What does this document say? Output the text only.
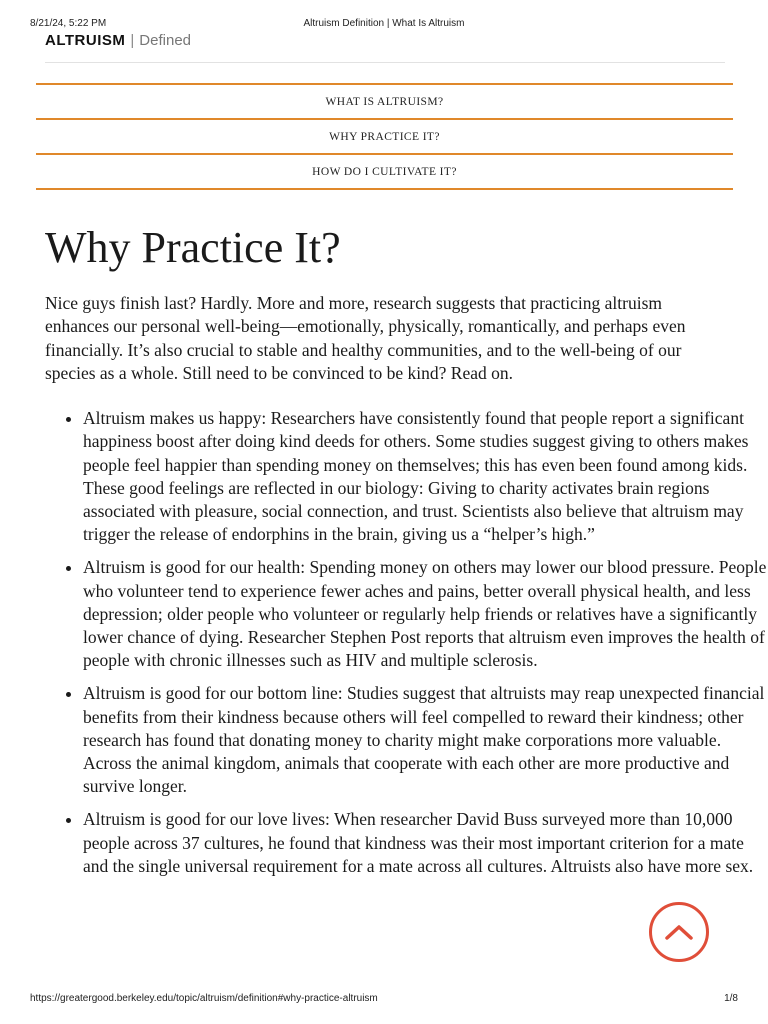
8/21/24, 5:22 PM	Altruism Definition | What Is Altruism
ALTRUISM | Defined
WHAT IS ALTRUISM?
WHY PRACTICE IT?
HOW DO I CULTIVATE IT?
Why Practice It?

Nice guys finish last? Hardly. More and more, research suggests that practicing altruism enhances our personal well-being—emotionally, physically, romantically, and perhaps even financially. It’s also crucial to stable and healthy communities, and to the well-being of our species as a whole. Still need to be convinced to be kind? Read on.

• Altruism makes us happy: Researchers have consistently found that people report a significant happiness boost after doing kind deeds for others. Some studies suggest giving to others makes people feel happier than spending money on themselves; this has even been found among kids. These good feelings are reflected in our biology: Giving to charity activates brain regions associated with pleasure, social connection, and trust. Scientists also believe that altruism may trigger the release of endorphins in the brain, giving us a “helper’s high.”
• Altruism is good for our health: Spending money on others may lower our blood pressure. People who volunteer tend to experience fewer aches and pains, better overall physical health, and less depression; older people who volunteer or regularly help friends or relatives have a significantly lower chance of dying. Researcher Stephen Post reports that altruism even improves the health of people with chronic illnesses such as HIV and multiple sclerosis.
• Altruism is good for our bottom line: Studies suggest that altruists may reap unexpected financial benefits from their kindness because others will feel compelled to reward their kindness; other research has found that donating money to charity might make corporations more valuable. Across the animal kingdom, animals that cooperate with each other are more productive and survive longer.
• Altruism is good for our love lives: When researcher David Buss surveyed more than 10,000 people across 37 cultures, he found that kindness was their most important criterion for a mate and the single universal requirement for a mate across all cultures. Altruists also have more sex.
https://greatergood.berkeley.edu/topic/altruism/definition#why-practice-altruism	1/8
